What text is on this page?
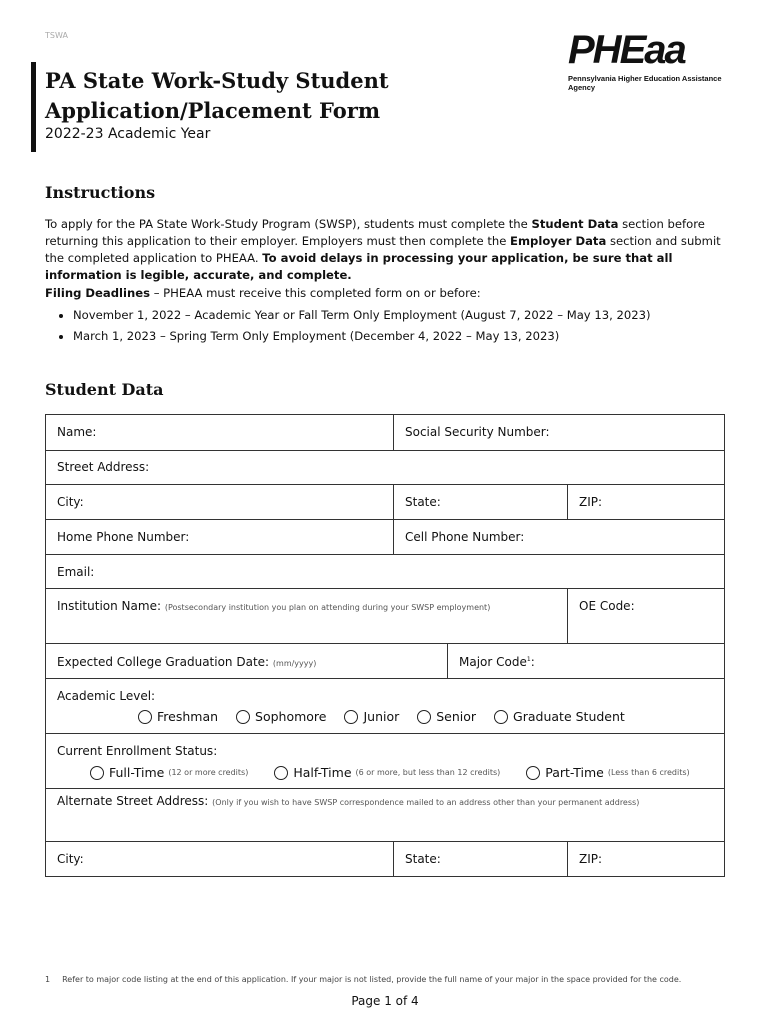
TSWA
PA State Work-Study Student
Application/Placement Form
2022-23 Academic Year
PHEaa
Pennsylvania Higher Education Assistance Agency
Instructions

To apply for the PA State Work-Study Program (SWSP), students must complete the Student Data section before returning this application to their employer. Employers must then complete the Employer Data section and submit the completed application to PHEAA. To avoid delays in processing your application, be sure that all information is legible, accurate, and complete.

Filing Deadlines – PHEAA must receive this completed form on or before:

• November 1, 2022 – Academic Year or Fall Term Only Employment (August 7, 2022 – May 13, 2023)
• March 1, 2023 – Spring Term Only Employment (December 4, 2022 – May 13, 2023)
Student Data
Name:	Social Security Number:
Street Address:
City:	State:	ZIP:
Home Phone Number:	Cell Phone Number:
Email:
Institution Name: (Postsecondary institution you plan on attending during your SWSP employment)	OE Code:
Expected College Graduation Date: (mm/yyyy)	Major Code$^1$:
Academic Level:
Freshman
	Sophomore
	Junior
	Senior
	Graduate Student
Current Enrollment Status:
Full-Time
(12 or more credits)
	Half-Time
(6 or more, but less than 12 credits)
	Part-Time
(Less than 6 credits)
Alternate Street Address: (Only if you wish to have SWSP correspondence mailed to an address other than your permanent address)
City:	State:	ZIP:
1 Refer to major code listing at the end of this application. If your major is not listed, provide the full name of your major in the space provided for the code.
Page 1 of 4
